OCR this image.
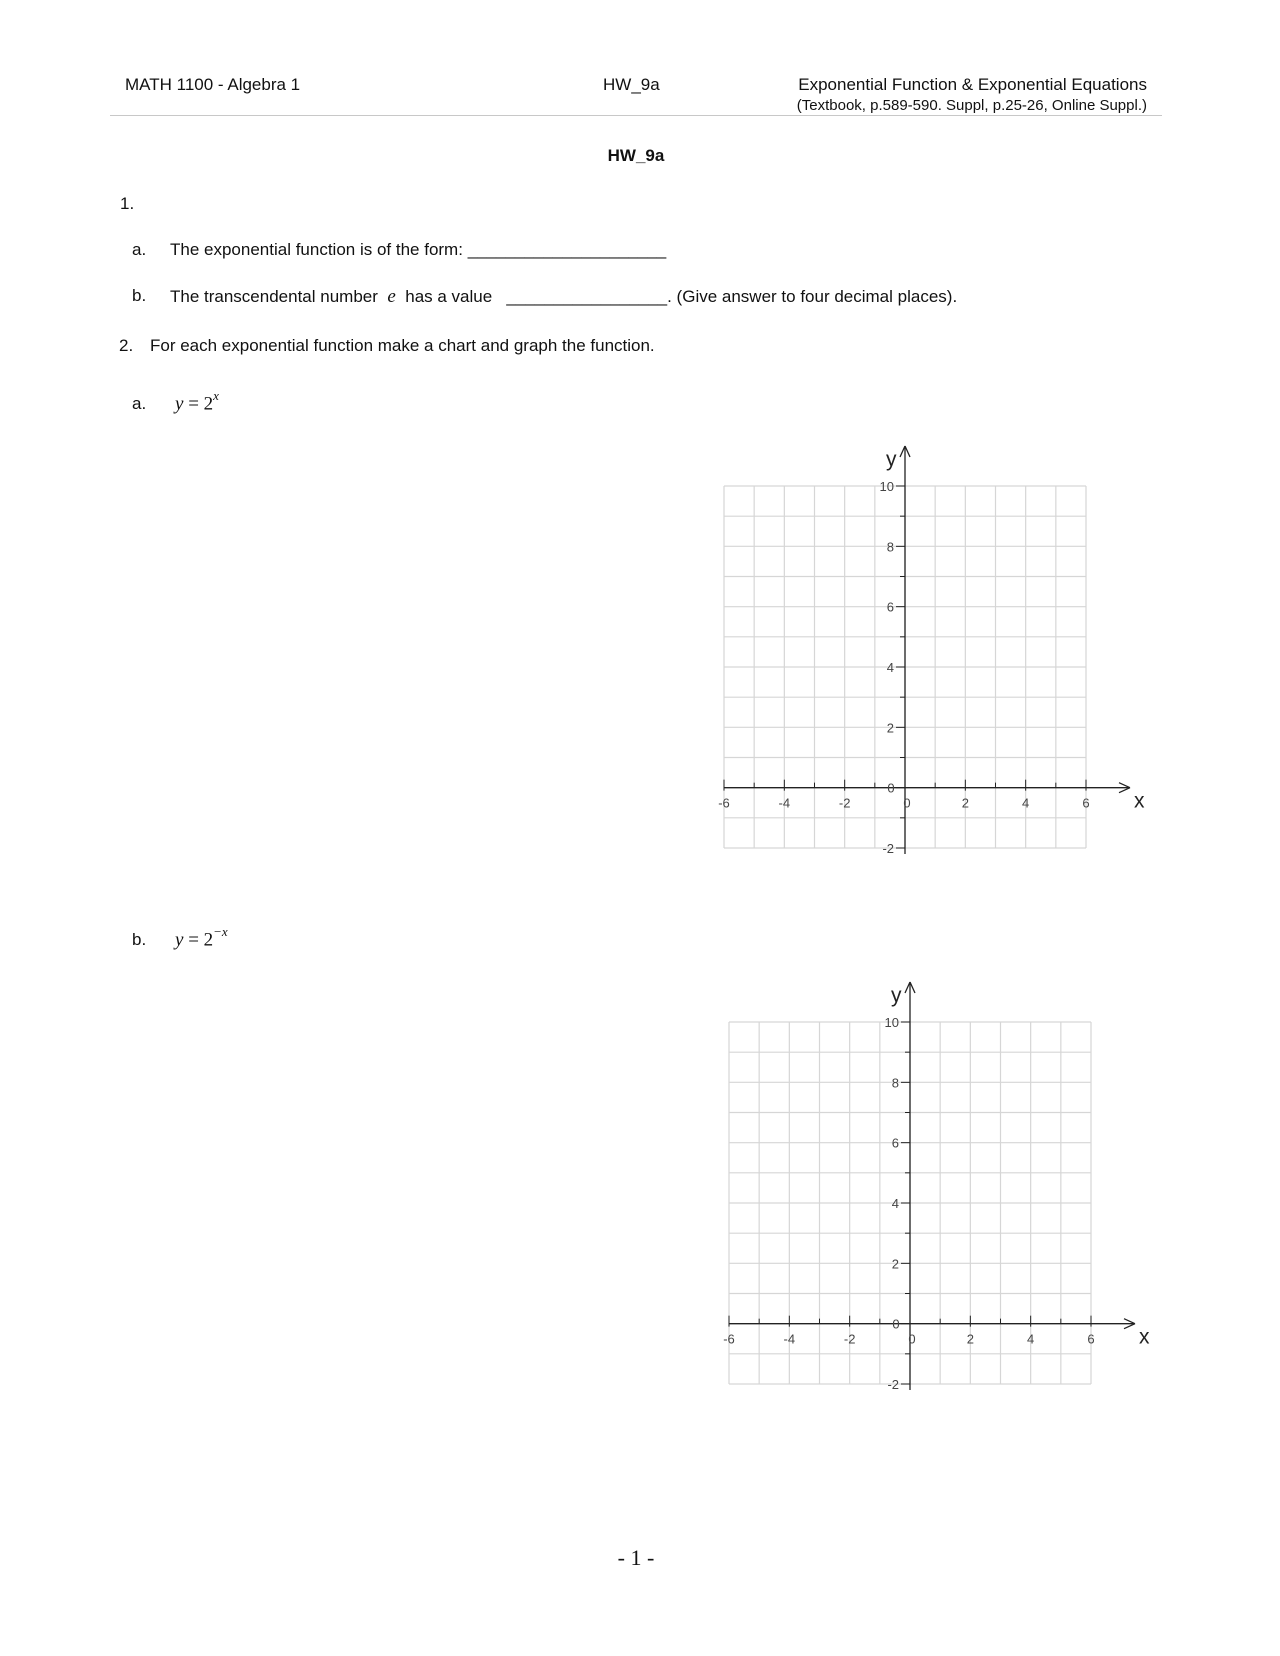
MATH 1100 - Algebra 1	HW_9a	Exponential Function & Exponential Equations
(Textbook, p.589-590. Suppl, p.25-26, Online Suppl.)
HW_9a
1.
a. The exponential function is of the form: _____________________
b. The transcendental number e has a value _________________. (Give answer to four decimal places).
2. For each exponential function make a chart and graph the function.
a. $y = 2^x$
b. $y = 2^{-x}$
-6	-4	-2	0	2	4	6
-2
0
2
4
6
8
10
x
y
-6	-4	-2	0	2	4	6
-2
0
2
4
6
8
10
x
y
- 1 -
